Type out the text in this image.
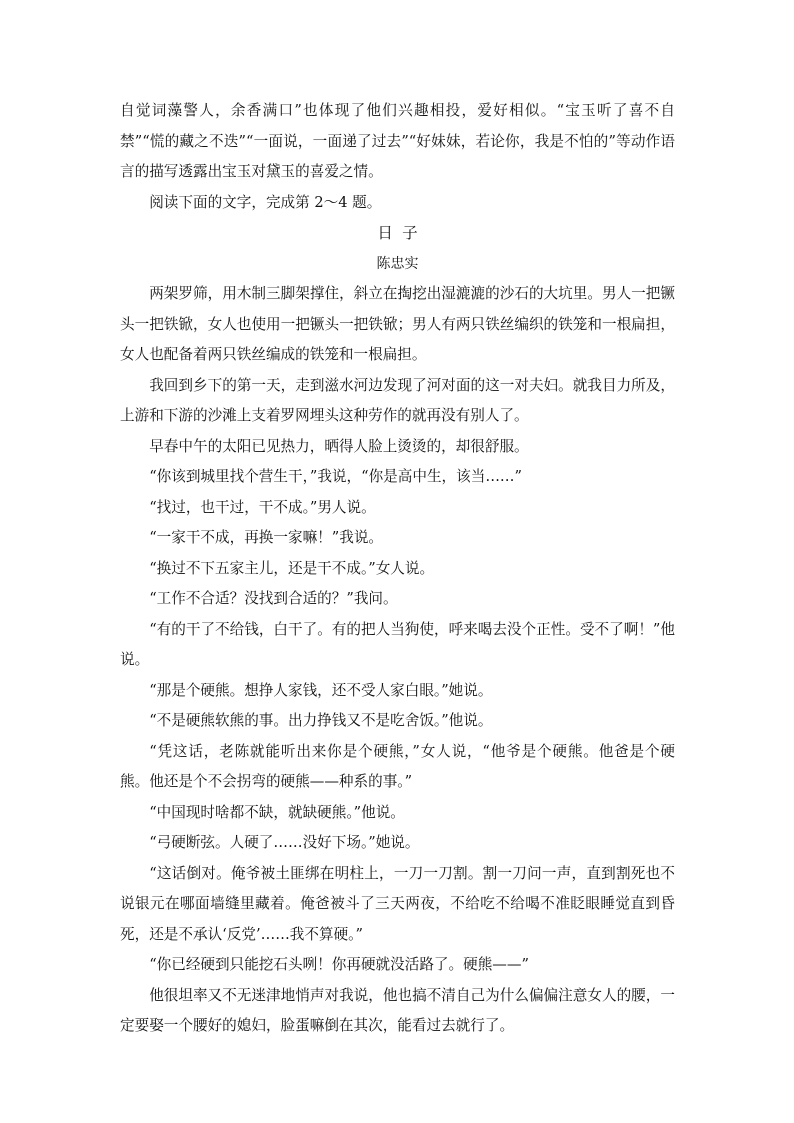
自觉词藻警人，余香满口”也体现了他们兴趣相投，爱好相似。“宝玉听了喜不自禁”“慌的藏之不迭”“一面说，一面递了过去”“好妹妹，若论你，我是不怕的”等动作语言的描写透露出宝玉对黛玉的喜爱之情。

阅读下面的文字，完成第 2～4 题。

日子

陈忠实

两架罗筛，用木制三脚架撑住，斜立在掏挖出湿漉漉的沙石的大坑里。男人一把镢头一把铁锨，女人也使用一把镢头一把铁锨；男人有两只铁丝编织的铁笼和一根扁担，女人也配备着两只铁丝编成的铁笼和一根扁担。

我回到乡下的第一天，走到滋水河边发现了河对面的这一对夫妇。就我目力所及，上游和下游的沙滩上支着罗网埋头这种劳作的就再没有别人了。

早春中午的太阳已见热力，晒得人脸上烫烫的，却很舒服。

“你该到城里找个营生干，”我说，“你是高中生，该当……”

“找过，也干过，干不成。”男人说。

“一家干不成，再换一家嘛！”我说。

“换过不下五家主儿，还是干不成。”女人说。

“工作不合适？没找到合适的？”我问。

“有的干了不给钱，白干了。有的把人当狗使，呼来喝去没个正性。受不了啊！”他说。

“那是个硬熊。想挣人家钱，还不受人家白眼。”她说。

“不是硬熊软熊的事。出力挣钱又不是吃舍饭。”他说。

“凭这话，老陈就能听出来你是个硬熊，”女人说，“他爷是个硬熊。他爸是个硬熊。他还是个不会拐弯的硬熊——种系的事。”

“中国现时啥都不缺，就缺硬熊。”他说。

“弓硬断弦。人硬了……没好下场。”她说。

“这话倒对。俺爷被土匪绑在明柱上，一刀一刀割。割一刀问一声，直到割死也不说银元在哪面墙缝里藏着。俺爸被斗了三天两夜，不给吃不给喝不准眨眼睡觉直到昏死，还是不承认‘反党’……我不算硬。”

“你已经硬到只能挖石头咧！你再硬就没活路了。硬熊——”

他很坦率又不无迷津地悄声对我说，他也搞不清自己为什么偏偏注意女人的腰，一定要娶一个腰好的媳妇，脸蛋嘛倒在其次，能看过去就行了。
